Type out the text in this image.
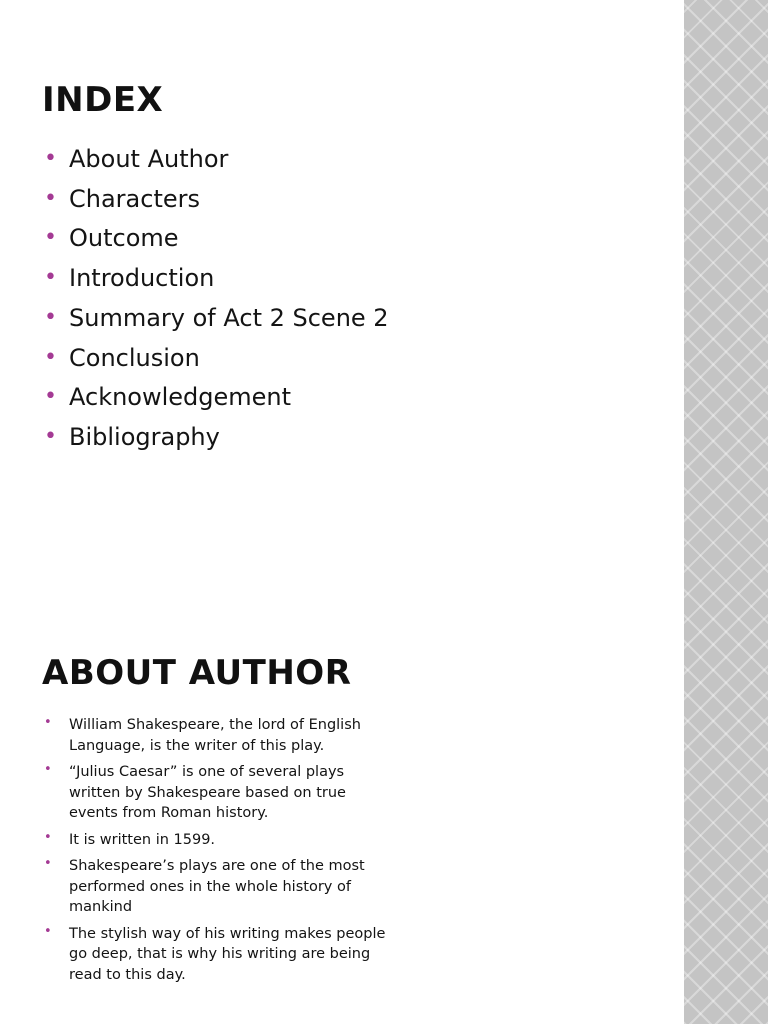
INDEX
• About Author
• Characters
• Outcome
• Introduction
• Summary of Act 2 Scene 2
• Conclusion
• Acknowledgement
• Bibliography
ABOUT AUTHOR
• William Shakespeare, the lord of English Language, is the writer of this play.
• “Julius Caesar” is one of several plays written by Shakespeare based on true events from Roman history.
• It is written in 1599.
• Shakespeare’s plays are one of the most performed ones in the whole history of mankind
• The stylish way of his writing makes people go deep, that is why his writing are being read to this day.
